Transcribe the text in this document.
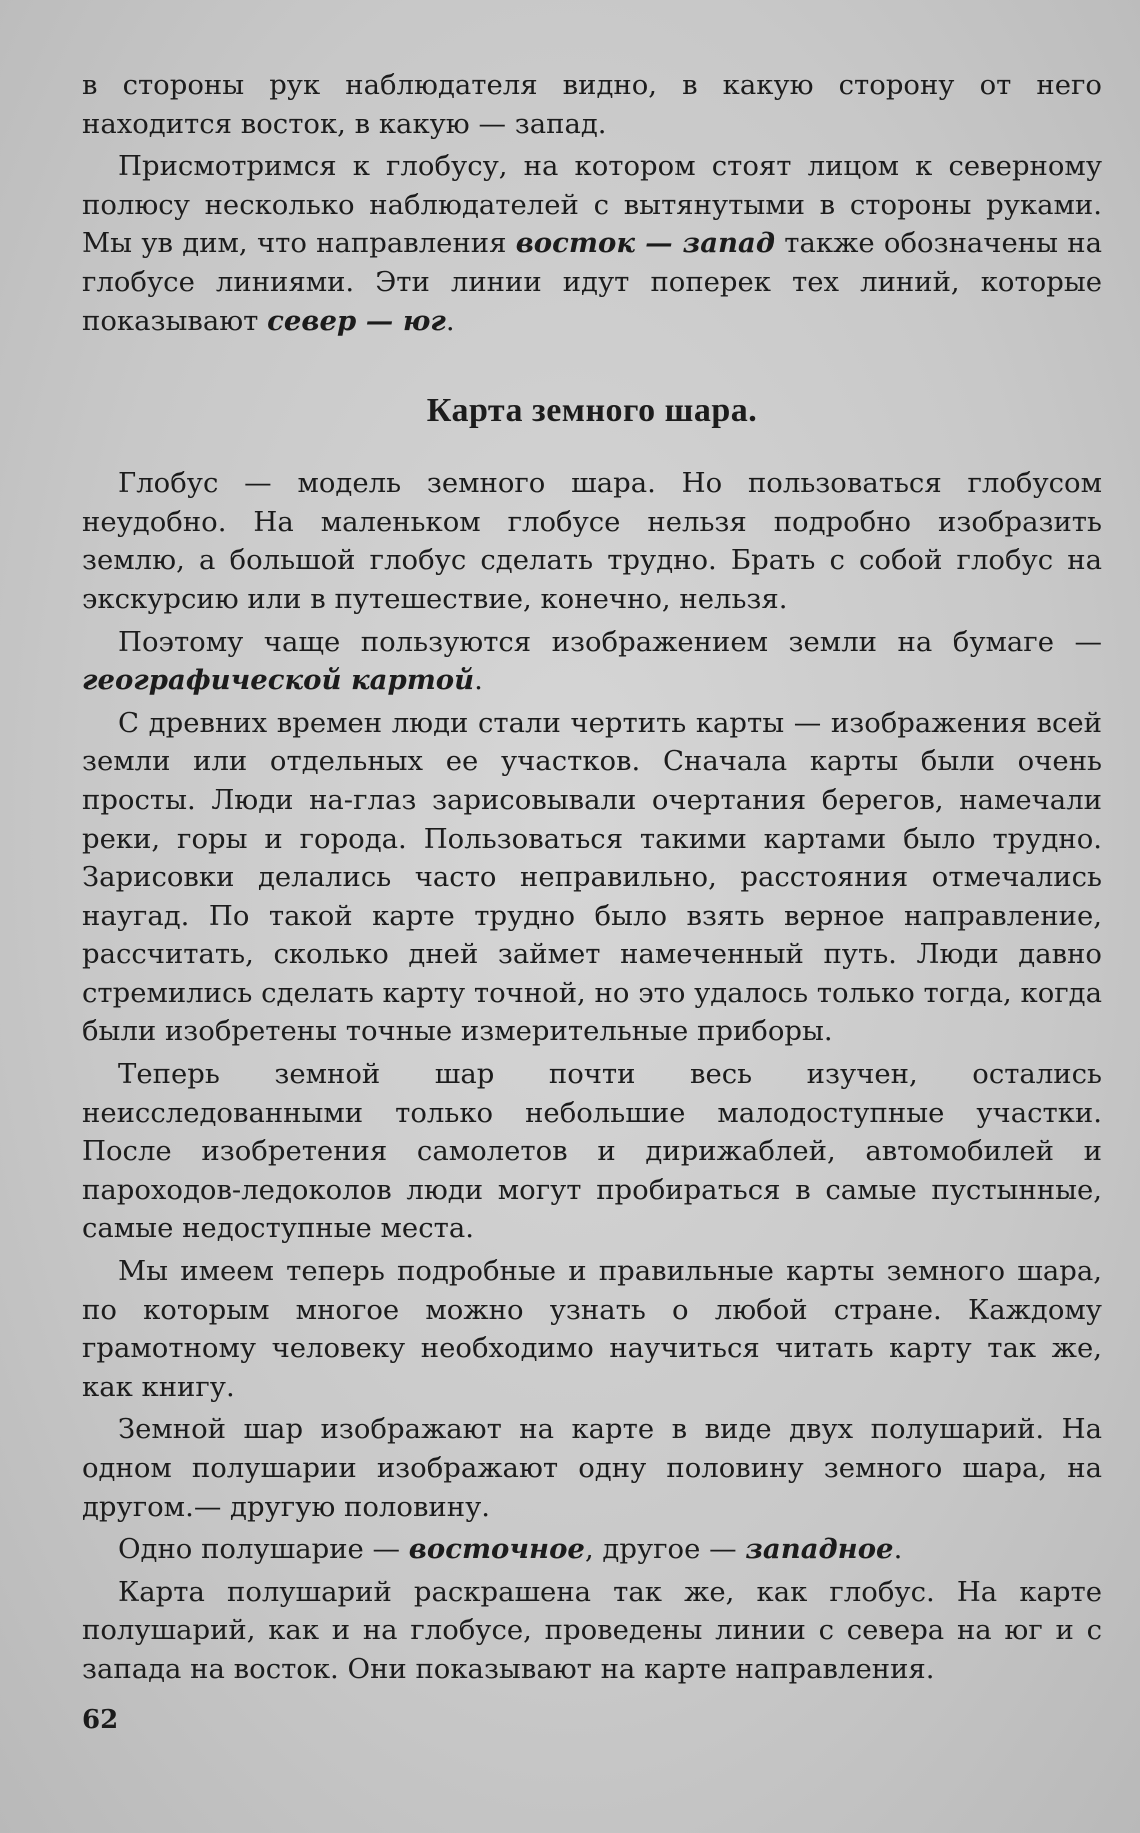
в стороны рук наблюдателя видно, в какую сторону от него находится восток, в какую — запад.

Присмотримся к глобусу, на котором стоят лицом к северному полюсу несколько наблюдателей с вытянутыми в стороны руками. Мы ув дим, что направления восток — запад также обозначены на глобусе линиями. Эти линии идут поперек тех линий, которые показывают север — юг.

Карта земного шара.

Глобус — модель земного шара. Но пользоваться глобусом неудобно. На маленьком глобусе нельзя подробно изобразить землю, а большой глобус сделать трудно. Брать с собой глобус на экскурсию или в путешествие, конечно, нельзя.

Поэтому чаще пользуются изображением земли на бумаге — географической картой.

С древних времен люди стали чертить карты — изображения всей земли или отдельных ее участков. Сначала карты были очень просты. Люди на-глаз зарисовывали очертания берегов, намечали реки, горы и города. Пользоваться такими картами было трудно. Зарисовки делались часто неправильно, расстояния отмечались наугад. По такой карте трудно было взять верное направление, рассчитать, сколько дней займет намеченный путь. Люди давно стремились сделать карту точной, но это удалось только тогда, когда были изобретены точные измерительные приборы.

Теперь земной шар почти весь изучен, остались неисследованными только небольшие малодоступные участки. После изобретения самолетов и дирижаблей, автомобилей и пароходов-ледоколов люди могут пробираться в самые пустынные, самые недоступные места.

Мы имеем теперь подробные и правильные карты земного шара, по которым многое можно узнать о любой стране. Каждому грамотному человеку необходимо научиться читать карту так же, как книгу.

Земной шар изображают на карте в виде двух полушарий. На одном полушарии изображают одну половину земного шара, на другом.— другую половину.

Одно полушарие — восточное, другое — западное.

Карта полушарий раскрашена так же, как глобус. На карте полушарий, как и на глобусе, проведены линии с севера на юг и с запада на восток. Они показывают на карте направления.

62
